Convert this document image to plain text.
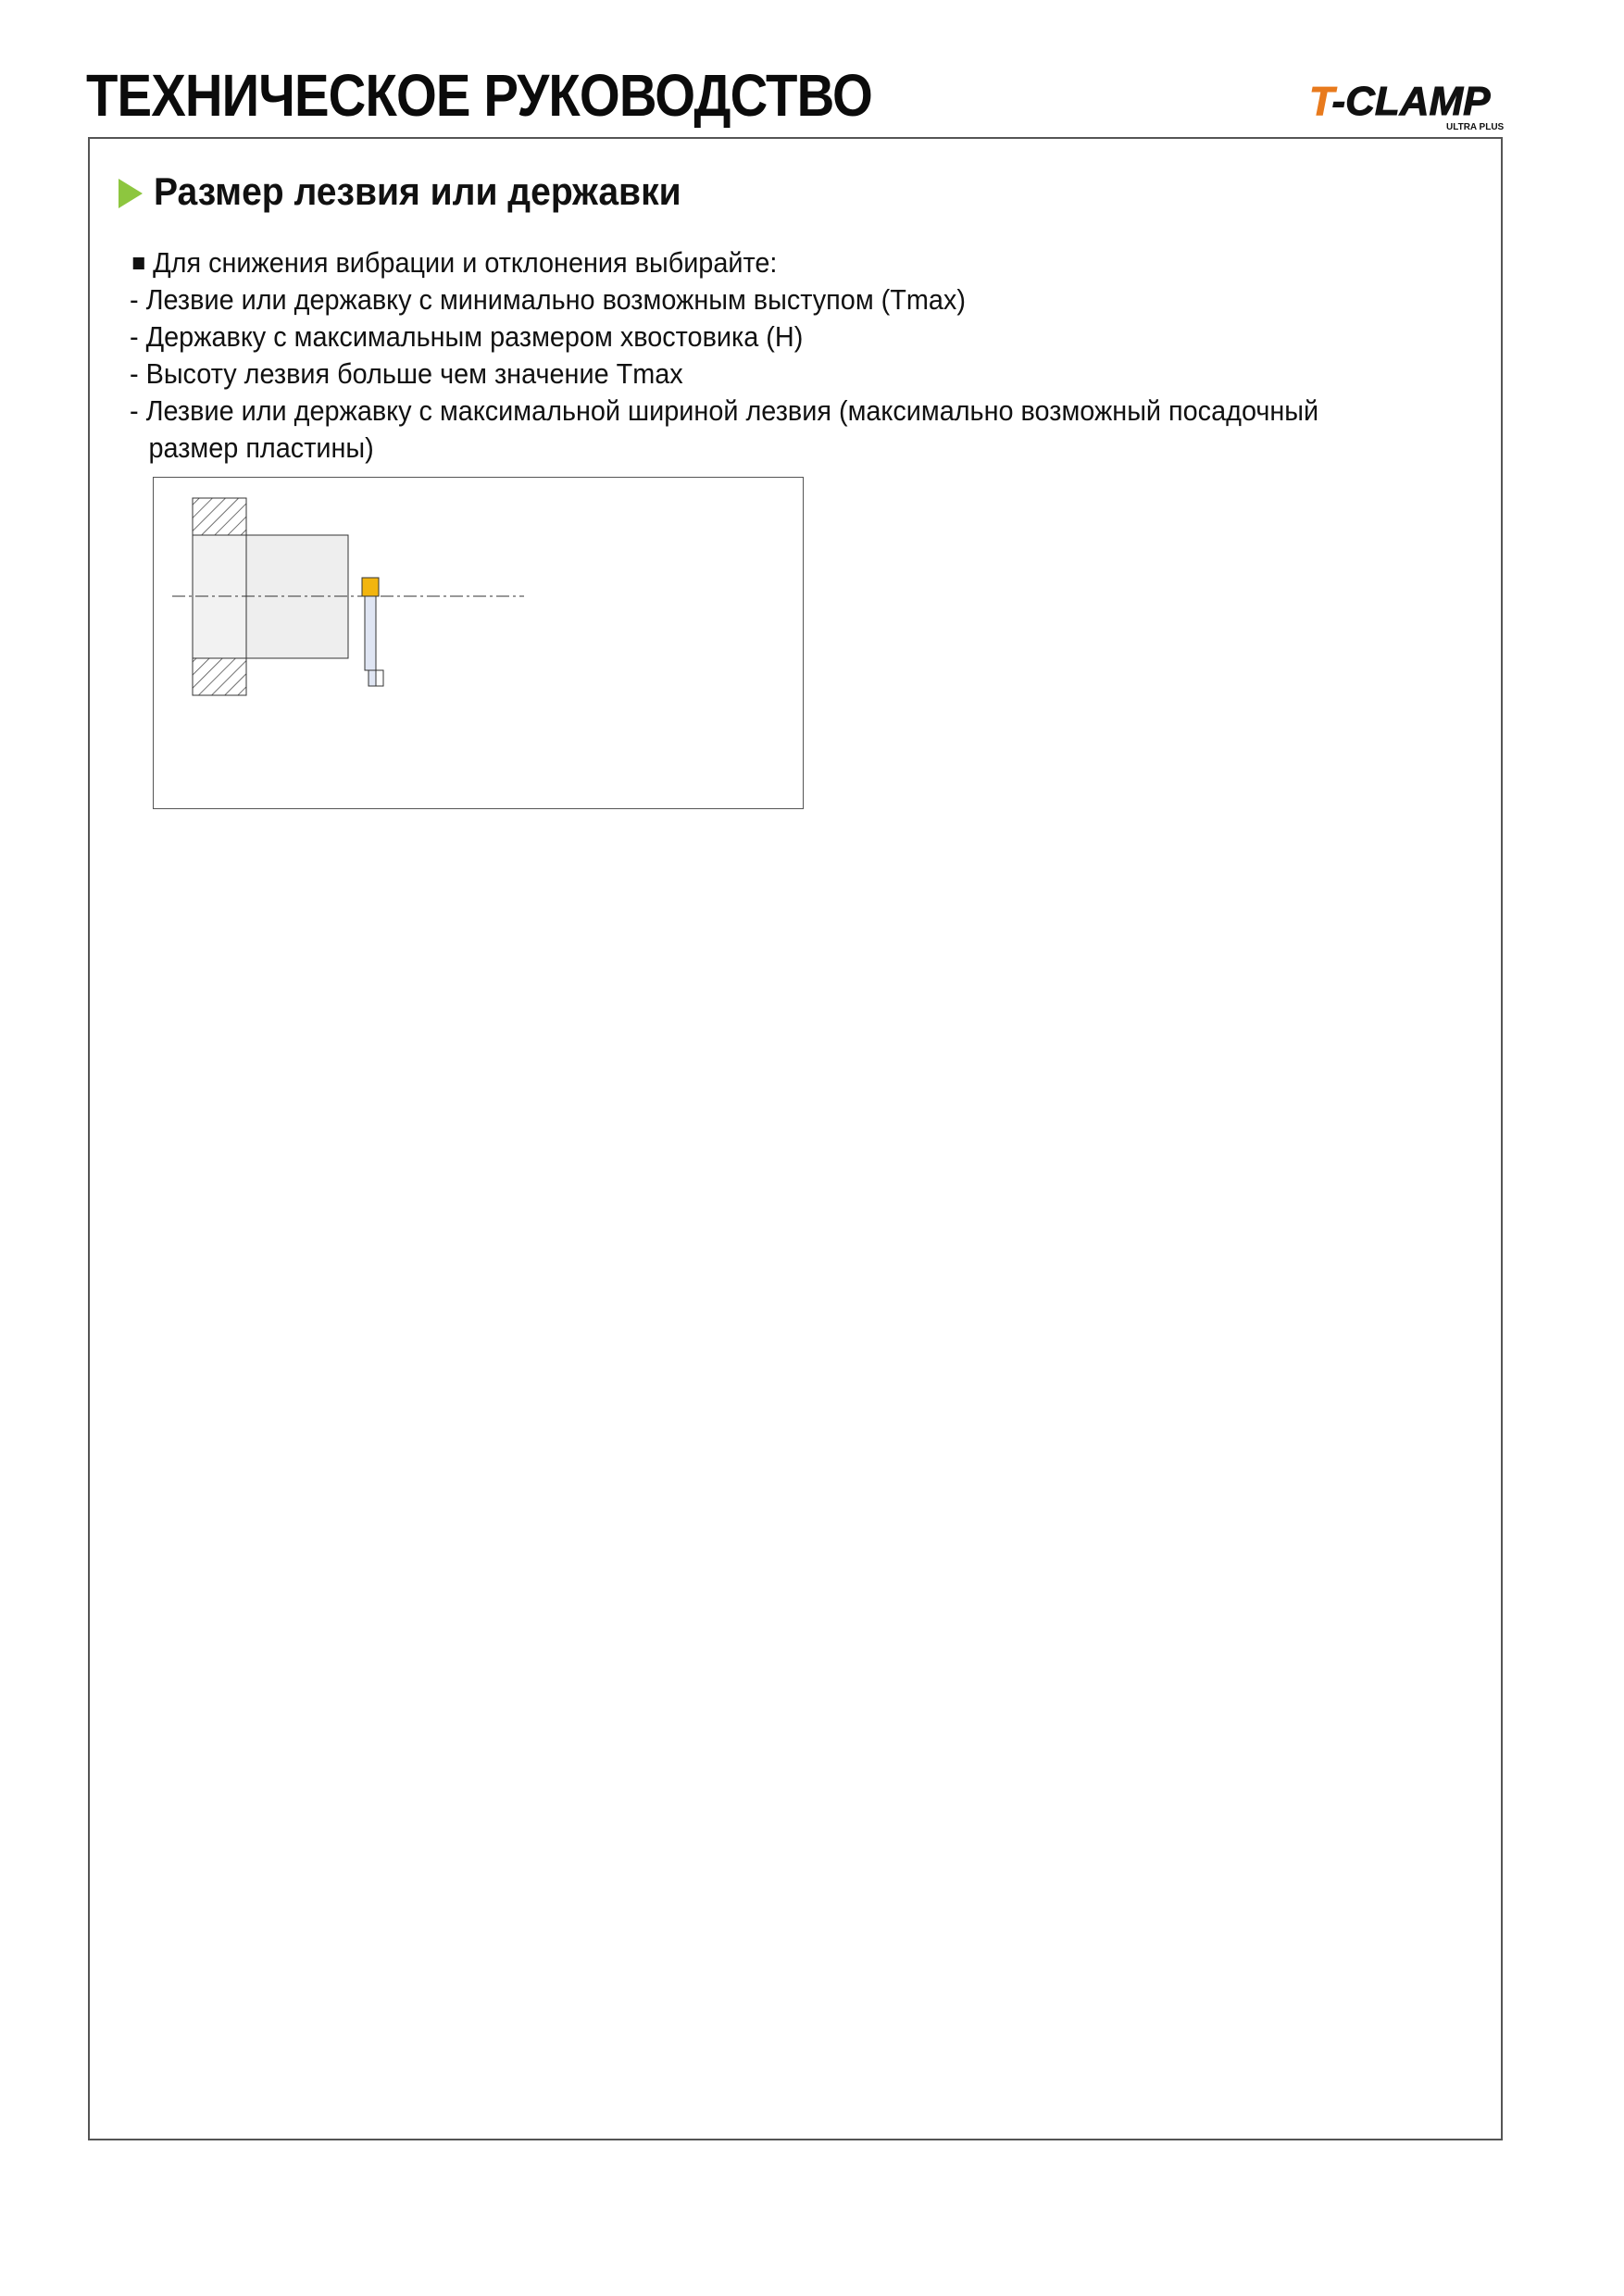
ТЕХНИЧЕСКОЕ РУКОВОДСТВО	T-CLAMP
ULTRA PLUS
Размер лезвия или державки
Для снижения вибрации и отклонения выбирайте:
- Лезвие или державку с минимально возможным выступом (Tmax)
- Державку с максимальным размером хвостовика (H)
- Высоту лезвия больше чем значение Tmax
- Лезвие или державку с максимальной шириной лезвия (максимально возможный посадочный
размер пластины)
